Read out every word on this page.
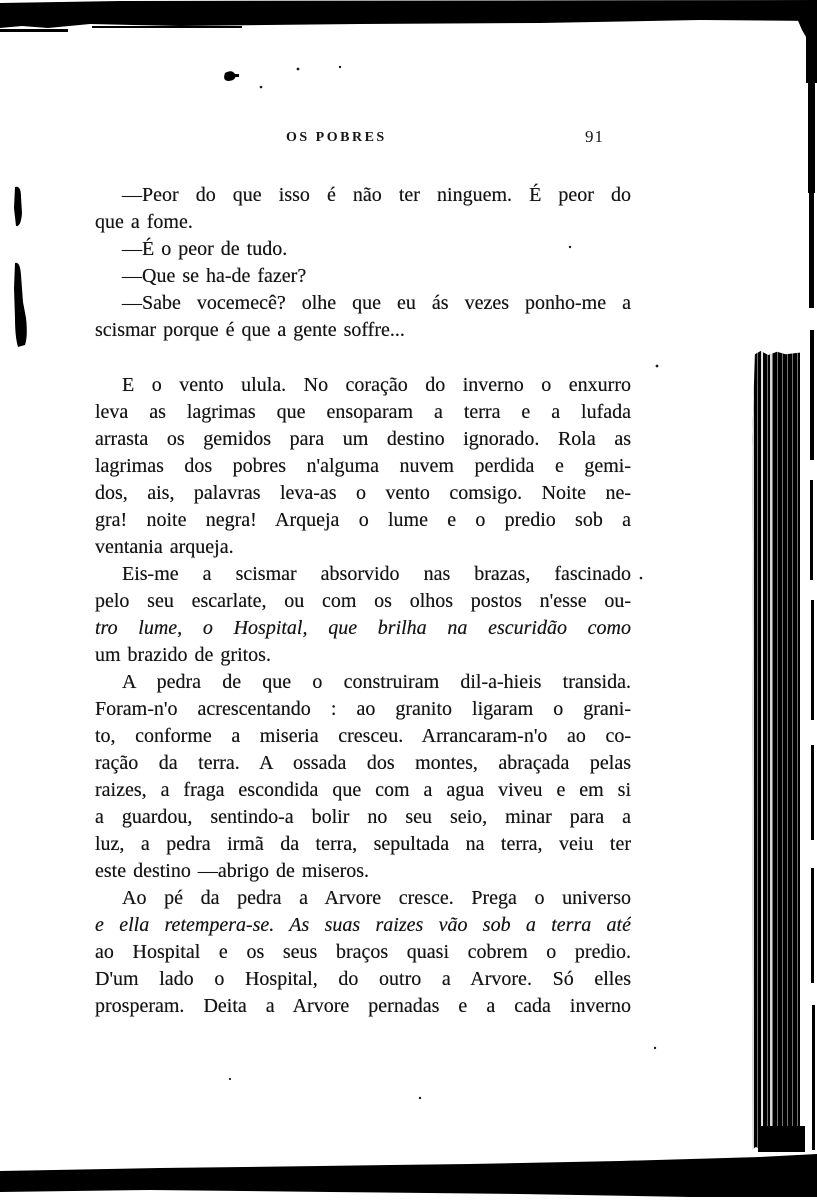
OS POBRES	91
—Peor do que isso é não ter ninguem. É peor do
que a fome.
—É o peor de tudo.
—Que se ha-de fazer?
—Sabe vocemecê? olhe que eu ás vezes ponho-me a
scismar porque é que a gente soffre...
E o vento ulula. No coração do inverno o enxurro
leva as lagrimas que ensoparam a terra e a lufada
arrasta os gemidos para um destino ignorado. Rola as
lagrimas dos pobres n'alguma nuvem perdida e gemi-
dos, ais, palavras leva-as o vento comsigo. Noite ne-
gra! noite negra! Arqueja o lume e o predio sob a
ventania arqueja.
Eis-me a scismar absorvido nas brazas, fascinado
pelo seu escarlate, ou com os olhos postos n'esse ou-
tro lume, o Hospital, que brilha na escuridão como
um brazido de gritos.
A pedra de que o construiram dil-a-hieis transida.
Foram-n'o acrescentando : ao granito ligaram o grani-
to, conforme a miseria cresceu. Arrancaram-n'o ao co-
ração da terra. A ossada dos montes, abraçada pelas
raizes, a fraga escondida que com a agua viveu e em si
a guardou, sentindo-a bolir no seu seio, minar para a
luz, a pedra irmã da terra, sepultada na terra, veiu ter
este destino —abrigo de miseros.
Ao pé da pedra a Arvore cresce. Prega o universo
e ella retempera-se. As suas raizes vão sob a terra até
ao Hospital e os seus braços quasi cobrem o predio.
D'um lado o Hospital, do outro a Arvore. Só elles
prosperam. Deita a Arvore pernadas e a cada inverno
